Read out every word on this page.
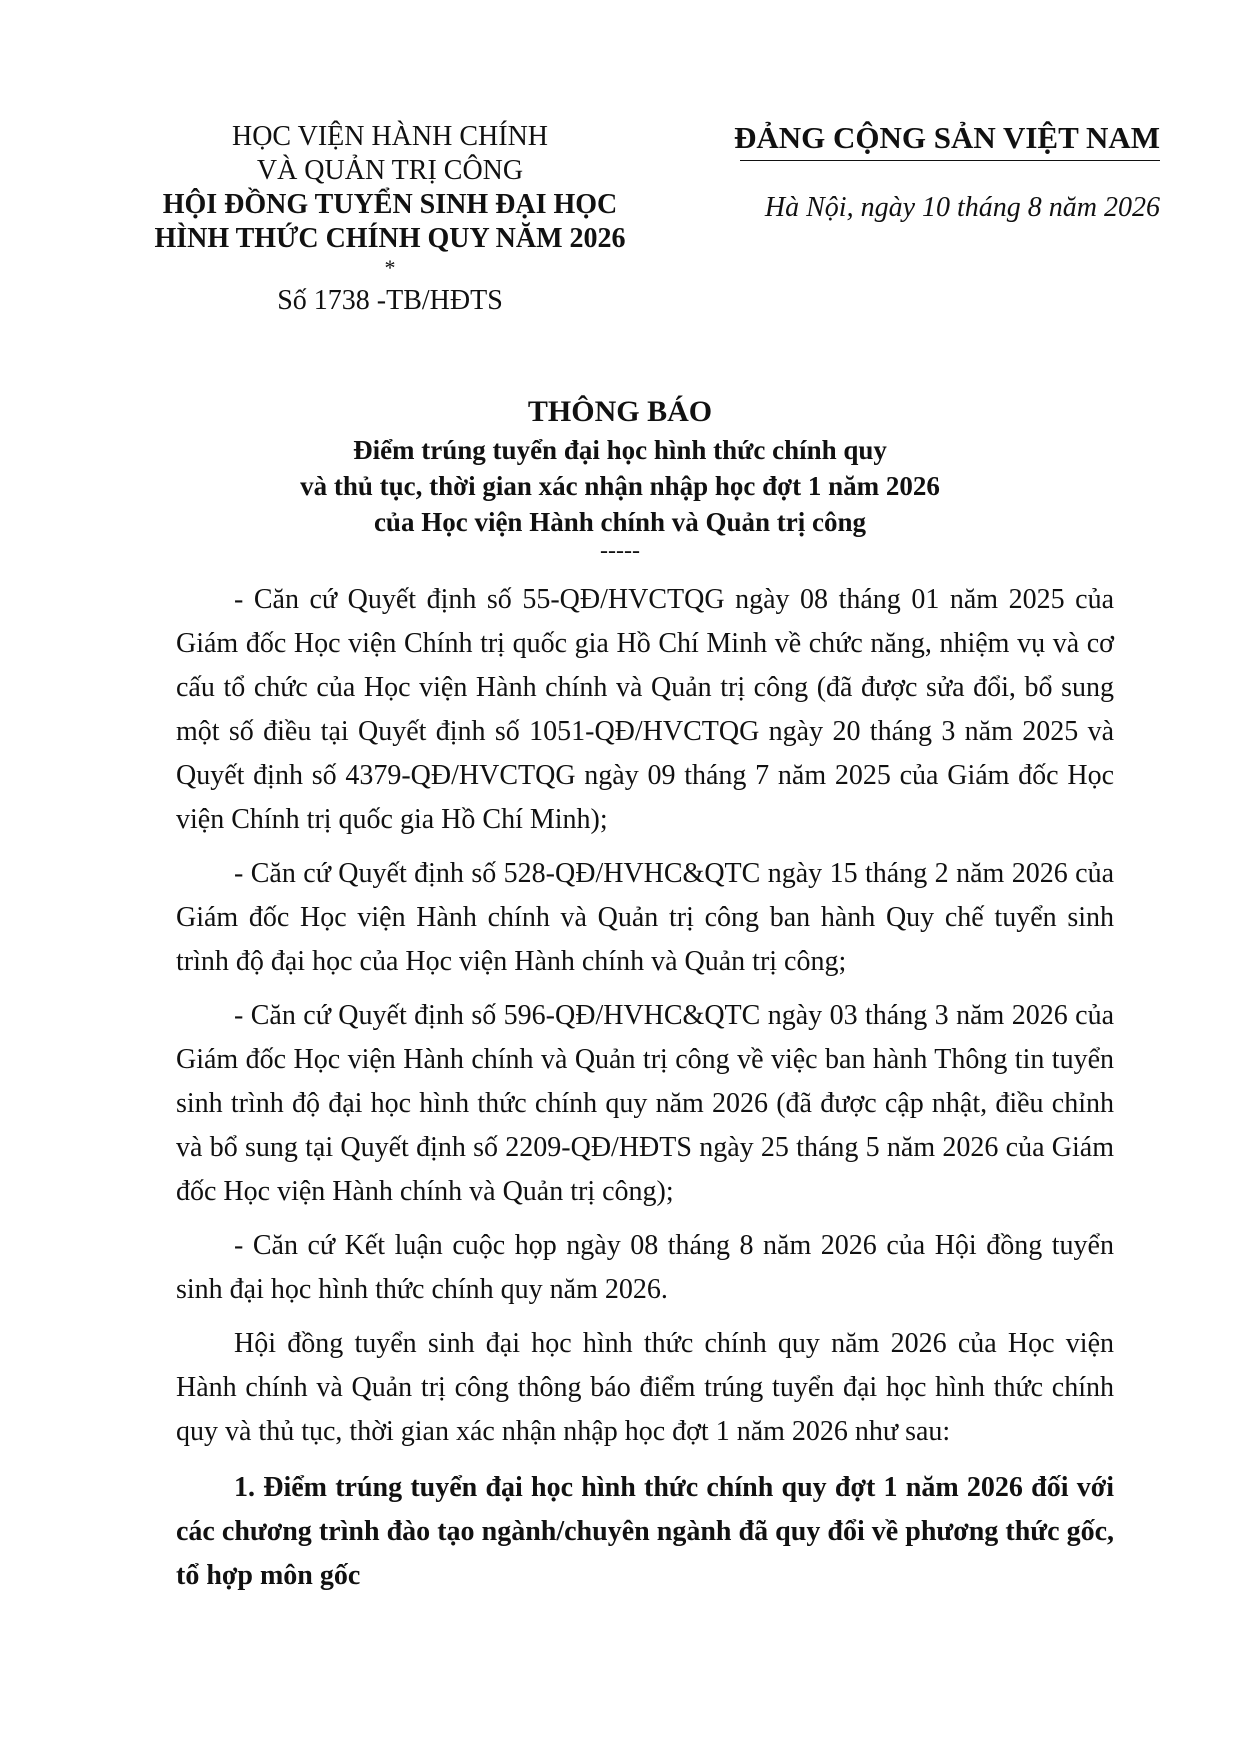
HỌC VIỆN HÀNH CHÍNH
VÀ QUẢN TRỊ CÔNG
HỘI ĐỒNG TUYỂN SINH ĐẠI HỌC
HÌNH THỨC CHÍNH QUY NĂM 2026
*
Số 1738 -TB/HĐTS
ĐẢNG CỘNG SẢN VIỆT NAM
Hà Nội, ngày 10 tháng 8 năm 2026
THÔNG BÁO
Điểm trúng tuyển đại học hình thức chính quy
và thủ tục, thời gian xác nhận nhập học đợt 1 năm 2026
của Học viện Hành chính và Quản trị công
-----

- Căn cứ Quyết định số 55-QĐ/HVCTQG ngày 08 tháng 01 năm 2025 của Giám đốc Học viện Chính trị quốc gia Hồ Chí Minh về chức năng, nhiệm vụ và cơ cấu tổ chức của Học viện Hành chính và Quản trị công (đã được sửa đổi, bổ sung một số điều tại Quyết định số 1051-QĐ/HVCTQG ngày 20 tháng 3 năm 2025 và Quyết định số 4379-QĐ/HVCTQG ngày 09 tháng 7 năm 2025 của Giám đốc Học viện Chính trị quốc gia Hồ Chí Minh);

- Căn cứ Quyết định số 528-QĐ/HVHC&QTC ngày 15 tháng 2 năm 2026 của Giám đốc Học viện Hành chính và Quản trị công ban hành Quy chế tuyển sinh trình độ đại học của Học viện Hành chính và Quản trị công;

- Căn cứ Quyết định số 596-QĐ/HVHC&QTC ngày 03 tháng 3 năm 2026 của Giám đốc Học viện Hành chính và Quản trị công về việc ban hành Thông tin tuyển sinh trình độ đại học hình thức chính quy năm 2026 (đã được cập nhật, điều chỉnh và bổ sung tại Quyết định số 2209-QĐ/HĐTS ngày 25 tháng 5 năm 2026 của Giám đốc Học viện Hành chính và Quản trị công);

- Căn cứ Kết luận cuộc họp ngày 08 tháng 8 năm 2026 của Hội đồng tuyển sinh đại học hình thức chính quy năm 2026.

Hội đồng tuyển sinh đại học hình thức chính quy năm 2026 của Học viện Hành chính và Quản trị công thông báo điểm trúng tuyển đại học hình thức chính quy và thủ tục, thời gian xác nhận nhập học đợt 1 năm 2026 như sau:

1. Điểm trúng tuyển đại học hình thức chính quy đợt 1 năm 2026 đối với các chương trình đào tạo ngành/chuyên ngành đã quy đổi về phương thức gốc, tổ hợp môn gốc
